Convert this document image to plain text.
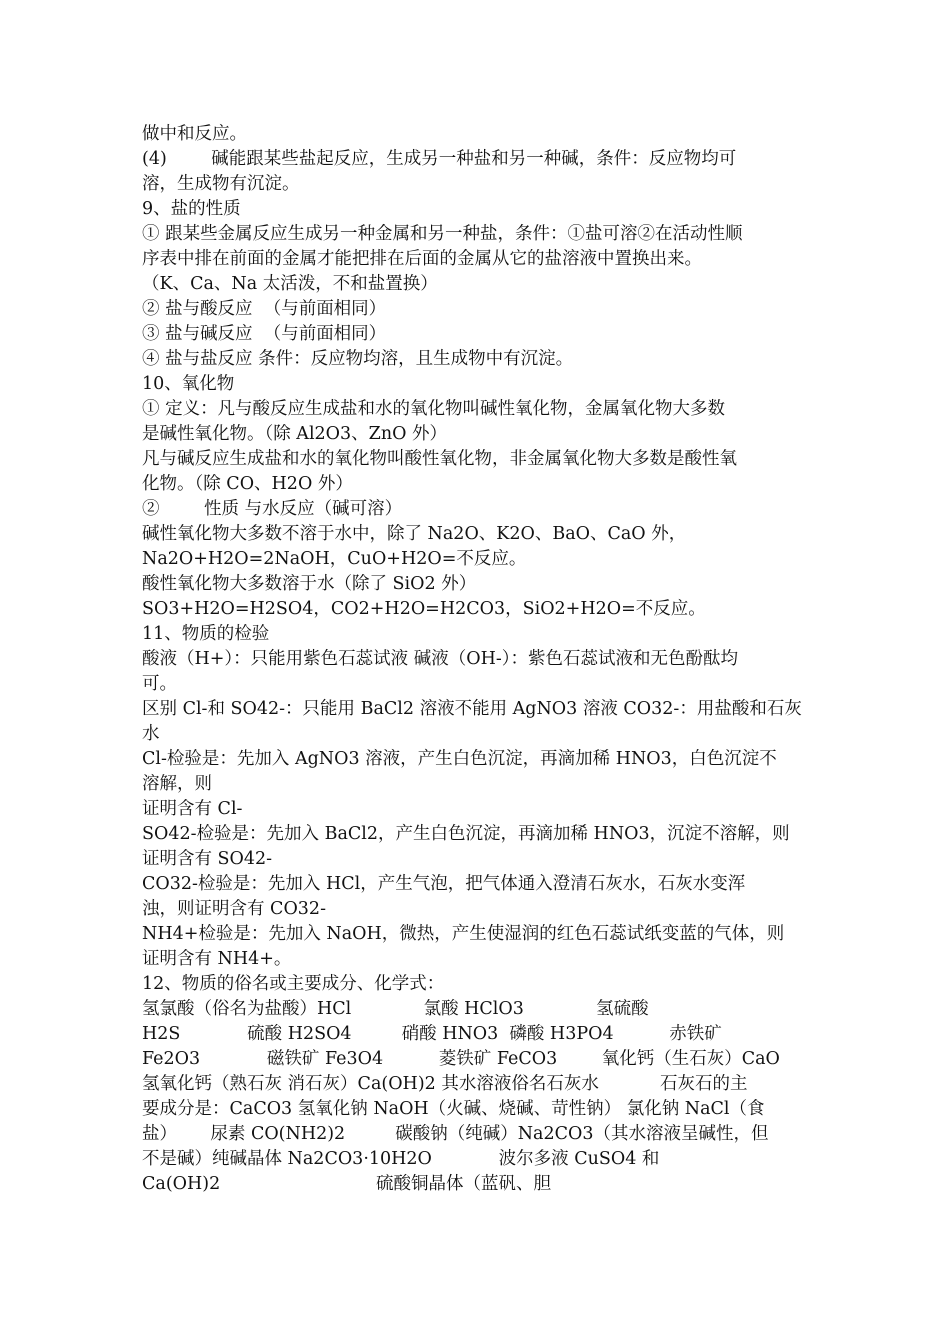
做中和反应。
(4)        碱能跟某些盐起反应，生成另一种盐和另一种碱，条件：反应物均可
溶，生成物有沉淀。
9、盐的性质
① 跟某些金属反应生成另一种金属和另一种盐，条件：①盐可溶②在活动性顺
序表中排在前面的金属才能把排在后面的金属从它的盐溶液中置换出来。
（K、Ca、Na 太活泼，不和盐置换）
② 盐与酸反应  （与前面相同）
③ 盐与碱反应  （与前面相同）
④ 盐与盐反应 条件：反应物均溶，且生成物中有沉淀。
10、氧化物
① 定义：凡与酸反应生成盐和水的氧化物叫碱性氧化物，金属氧化物大多数
是碱性氧化物。（除 Al2O3、ZnO 外）
凡与碱反应生成盐和水的氧化物叫酸性氧化物，非金属氧化物大多数是酸性氧
化物。（除 CO、H2O 外）
②        性质 与水反应（碱可溶）
碱性氧化物大多数不溶于水中，除了 Na2O、K2O、BaO、CaO 外，
Na2O+H2O=2NaOH，CuO+H2O=不反应。
酸性氧化物大多数溶于水（除了 SiO2 外）
SO3+H2O=H2SO4，CO2+H2O=H2CO3，SiO2+H2O=不反应。
11、物质的检验
酸液（H+）：只能用紫色石蕊试液 碱液（OH-）：紫色石蕊试液和无色酚酞均
可。
区别 Cl-和 SO42-：只能用 BaCl2 溶液不能用 AgNO3 溶液 CO32-：用盐酸和石灰
水
Cl-检验是：先加入 AgNO3 溶液，产生白色沉淀，再滴加稀 HNO3，白色沉淀不
溶解，则
证明含有 Cl-
SO42-检验是：先加入 BaCl2，产生白色沉淀，再滴加稀 HNO3，沉淀不溶解，则
证明含有 SO42-
CO32-检验是：先加入 HCl，产生气泡，把气体通入澄清石灰水，石灰水变浑
浊，则证明含有 CO32-
NH4+检验是：先加入 NaOH，微热，产生使湿润的红色石蕊试纸变蓝的气体，则
证明含有 NH4+。
12、物质的俗名或主要成分、化学式：
氢氯酸（俗名为盐酸）HCl             氯酸 HClO3             氢硫酸
H2S            硫酸 H2SO4         硝酸 HNO3  磷酸 H3PO4          赤铁矿
Fe2O3            磁铁矿 Fe3O4          菱铁矿 FeCO3        氧化钙（生石灰）CaO
氢氧化钙（熟石灰 消石灰）Ca(OH)2 其水溶液俗名石灰水           石灰石的主
要成分是：CaCO3 氢氧化钠 NaOH（火碱、烧碱、苛性钠） 氯化钠 NaCl（食
盐）      尿素 CO(NH2)2         碳酸钠（纯碱）Na2CO3（其水溶液呈碱性，但
不是碱）纯碱晶体 Na2CO3·10H2O            波尔多液 CuSO4 和
Ca(OH)2                            硫酸铜晶体（蓝矾、胆
